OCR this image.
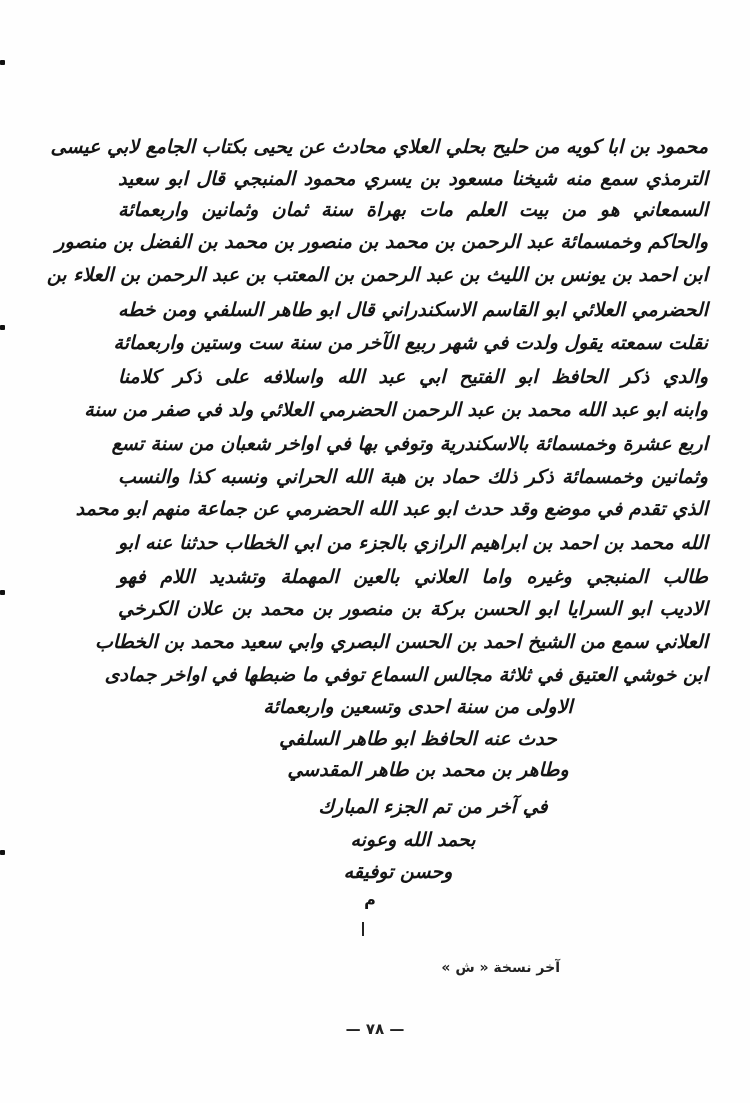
محمود بن ابا كويه من حليح بحلي العلاي محادث عن يحيى بكتاب الجامع لابي عيسى
الترمذي سمع منه شيخنا مسعود بن يسري محمود المنبجي قال ابو سعيد
السمعاني هو من بيت العلم مات بهراة سنة ثمان وثمانين واربعمائة
والحاكم وخمسمائة عبد الرحمن بن محمد بن منصور بن محمد بن الفضل بن منصور
ابن احمد بن يونس بن الليث بن عبد الرحمن بن المعتب بن عبد الرحمن بن العلاء بن
الحضرمي العلائي ابو القاسم الاسكندراني قال ابو طاهر السلفي ومن خطه
نقلت سمعته يقول ولدت في شهر ربيع الآخر من سنة ست وستين واربعمائة
والدي ذكر الحافظ ابو الفتيح ابي عبد الله واسلافه على ذكر كلامنا
وابنه ابو عبد الله محمد بن عبد الرحمن الحضرمي العلائي ولد في صفر من سنة
اربع عشرة وخمسمائة بالاسكندرية وتوفي بها في اواخر شعبان من سنة تسع
وثمانين وخمسمائة ذكر ذلك حماد بن هبة الله الحراني ونسبه كذا والنسب
الذي تقدم في موضع وقد حدث ابو عبد الله الحضرمي عن جماعة منهم ابو محمد
الله محمد بن احمد بن ابراهيم الرازي بالجزء من ابي الخطاب حدثنا عنه ابو
طالب المنبجي وغيره واما العلاني بالعين المهملة وتشديد اللام فهو
الاديب ابو السرايا ابو الحسن بركة بن منصور بن محمد بن علان الكرخي
العلاني سمع من الشيخ احمد بن الحسن البصري وابي سعيد محمد بن الخطاب
ابن خوشي العتيق في ثلاثة مجالس السماع توفي ما ضبطها في اواخر جمادى
الاولى من سنة احدى وتسعين واربعمائة
حدث عنه الحافظ ابو طاهر السلفي
وطاهر بن محمد بن طاهر المقدسي
في آخر من تم الجزء المبارك
بحمد الله وعونه
وحسن توفيقه
م
آخر نسخة « ش »
— ٧٨ —
